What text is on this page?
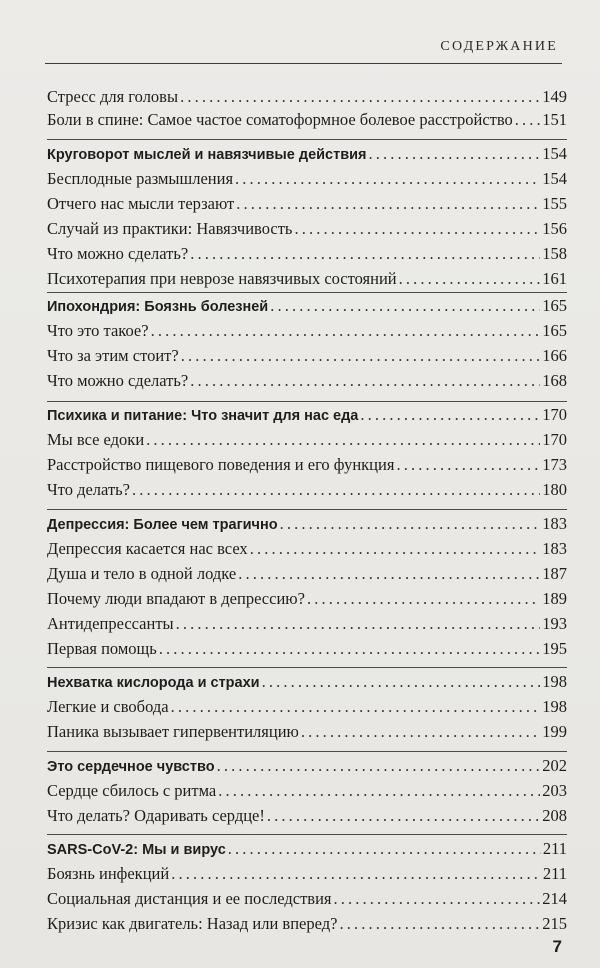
СОДЕРЖАНИЕ
Стресс для головы . . .	149
Боли в спине: Самое частое соматоформное болевое расстройство . . . 151
Круговорот мыслей и навязчивые действия . . .	154
Бесплодные размышления . . .	154
Отчего нас мысли терзают . . .	155
Случай из практики: Навязчивость . . .	156
Что можно сделать? . . .	158
Психотерапия при неврозе навязчивых состояний . . .	161
Ипохондрия: Боязнь болезней . . .	165
Что это такое? . . .	165
Что за этим стоит? . . .	166
Что можно сделать? . . .	168
Психика и питание: Что значит для нас еда . . .	170
Мы все едоки . . .	170
Расстройство пищевого поведения и его функция . . .	173
Что делать? . . .	180
Депрессия: Более чем трагично . . .	183
Депрессия касается нас всех . . .	183
Душа и тело в одной лодке . . .	187
Почему люди впадают в депрессию? . . .	189
Антидепрессанты . . .	193
Первая помощь . . .	195
Нехватка кислорода и страхи . . .	198
Легкие и свобода . . .	198
Паника вызывает гипервентиляцию . . .	199
Это сердечное чувство . . .	202
Сердце сбилось с ритма . . .	203
Что делать? Одаривать сердце! . . .	208
SARS-CoV-2: Мы и вирус . . .	211
Боязнь инфекций . . .	211
Социальная дистанция и ее последствия . . .	214
Кризис как двигатель: Назад или вперед? . . .	215
7
